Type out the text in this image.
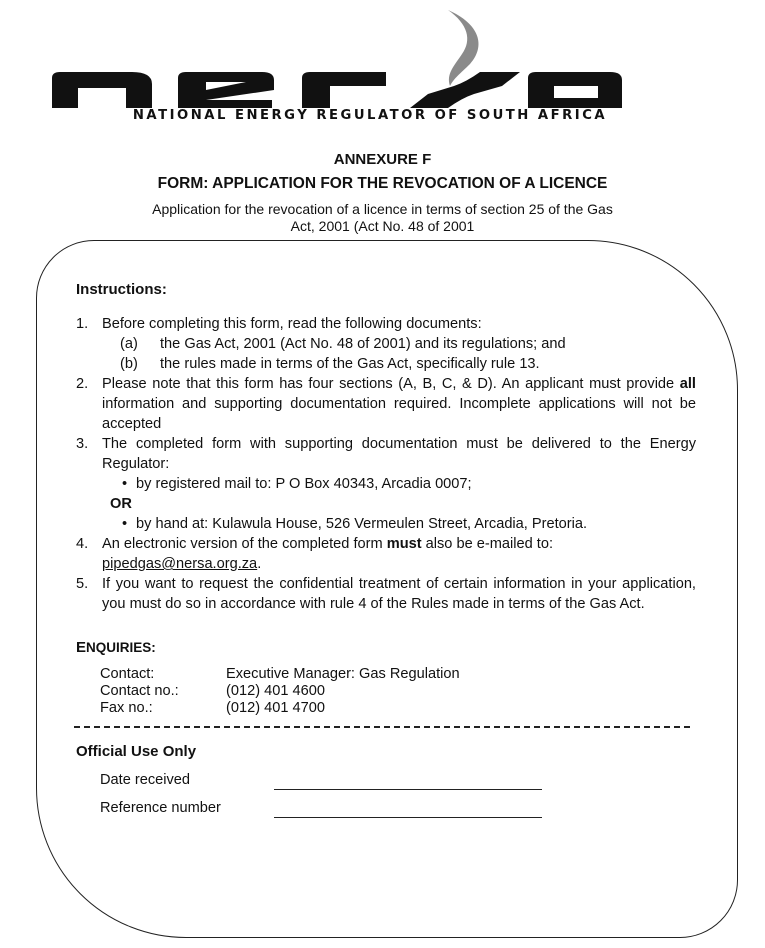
NATIONAL ENERGY REGULATOR OF SOUTH AFRICA
ANNEXURE F
FORM: APPLICATION FOR THE REVOCATION OF A LICENCE
Application for the revocation of a licence in terms of section 25 of the Gas
Act, 2001 (Act No. 48 of 2001
Instructions:
1. Before completing this form, read the following documents:
(a)	the Gas Act, 2001 (Act No. 48 of 2001) and its regulations; and
(b)	the rules made in terms of the Gas Act, specifically rule 13.
2. Please note that this form has four sections (A, B, C, & D). An applicant must provide all information and supporting documentation required. Incomplete applications will not be accepted
3. The completed form with supporting documentation must be delivered to the Energy Regulator:
• by registered mail to: P O Box 40343, Arcadia 0007;
OR
• by hand at: Kulawula House, 526 Vermeulen Street, Arcadia, Pretoria.
4. An electronic version of the completed form must also be e-mailed to:
pipedgas@nersa.org.za.
5. If you want to request the confidential treatment of certain information in your application, you must do so in accordance with rule 4 of the Rules made in terms of the Gas Act.
ENQUIRIES:
Contact:	Executive Manager: Gas Regulation
Contact no.:	(012) 401 4600
Fax no.:	(012) 401 4700
Official Use Only
Date received
Reference number
